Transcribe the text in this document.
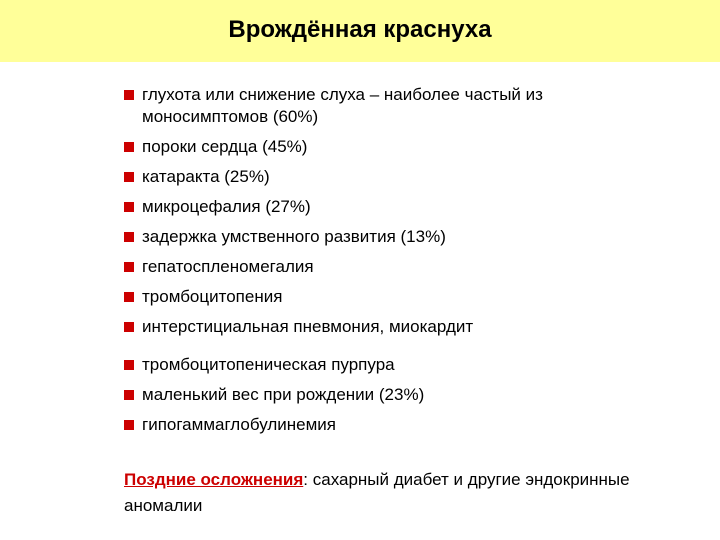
Врождённая краснуха
глухота или снижение слуха – наиболее частый из моносимптомов (60%)
пороки сердца (45%)
катаракта (25%)
микроцефалия (27%)
задержка умственного развития (13%)
гепатоспленомегалия
тромбоцитопения
интерстициальная пневмония, миокардит
тромбоцитопеническая пурпура
маленький вес при рождении (23%)
гипогаммаглобулинемия

Поздние осложнения: сахарный диабет и другие эндокринные аномалии
